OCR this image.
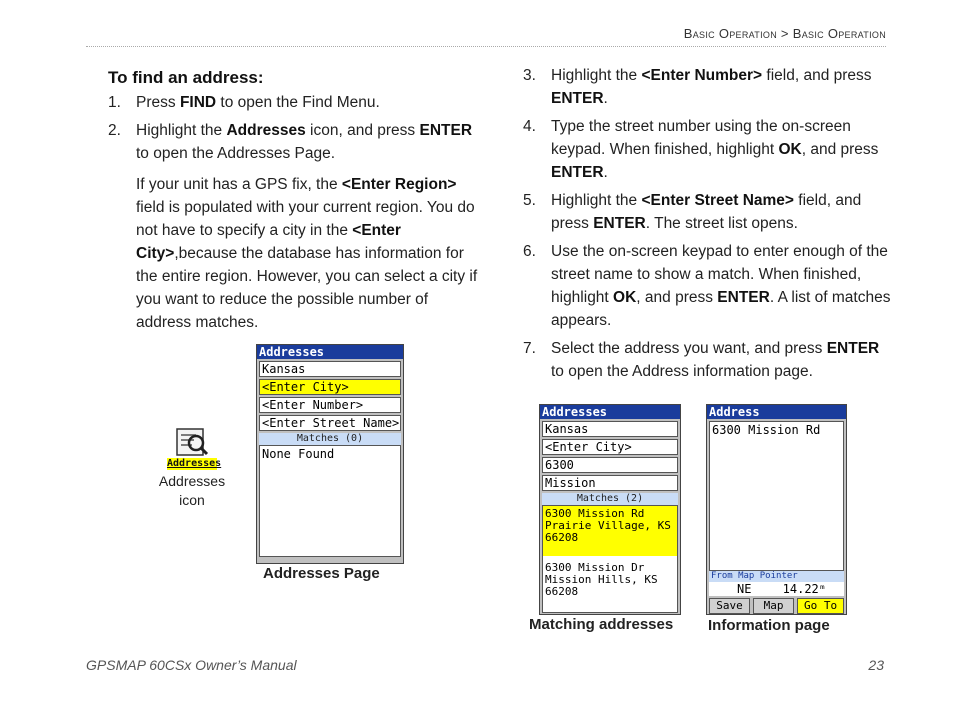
Basic Operation > Basic Operation
To find an address:
1. Press FIND to open the Find Menu.
2. Highlight the Addresses icon, and press ENTER to open the Addresses Page.
If your unit has a GPS fix, the <Enter Region> field is populated with your current region. You do not have to specify a city in the <Enter City>,because the database has information for the entire region. However, you can select a city if you want to reduce the possible number of address matches.
3. Highlight the <Enter Number> field, and press ENTER.
4. Type the street number using the on-screen keypad. When finished, highlight OK, and press ENTER.
5. Highlight the <Enter Street Name> field, and press ENTER. The street list opens.
6. Use the on-screen keypad to enter enough of the street name to show a match. When finished, highlight OK, and press ENTER. A list of matches appears.
7. Select the address you want, and press ENTER to open the Address information page.
Addresses
Addresses
icon
Addresses
Kansas
<Enter City>
<Enter Number>
<Enter Street Name>
Matches (0)
None Found
Addresses Page
Addresses
Kansas
<Enter City>
6300
Mission
Matches (2)
6300 Mission Rd
Prairie Village, KS
66208
6300 Mission Dr
Mission Hills, KS 66208
Matching addresses
Address
6300 Mission Rd
From Map Pointer
NE	14.22ᵐ
Save	Map	Go To
Information page
GPSMAP 60CSx Owner’s Manual	23
